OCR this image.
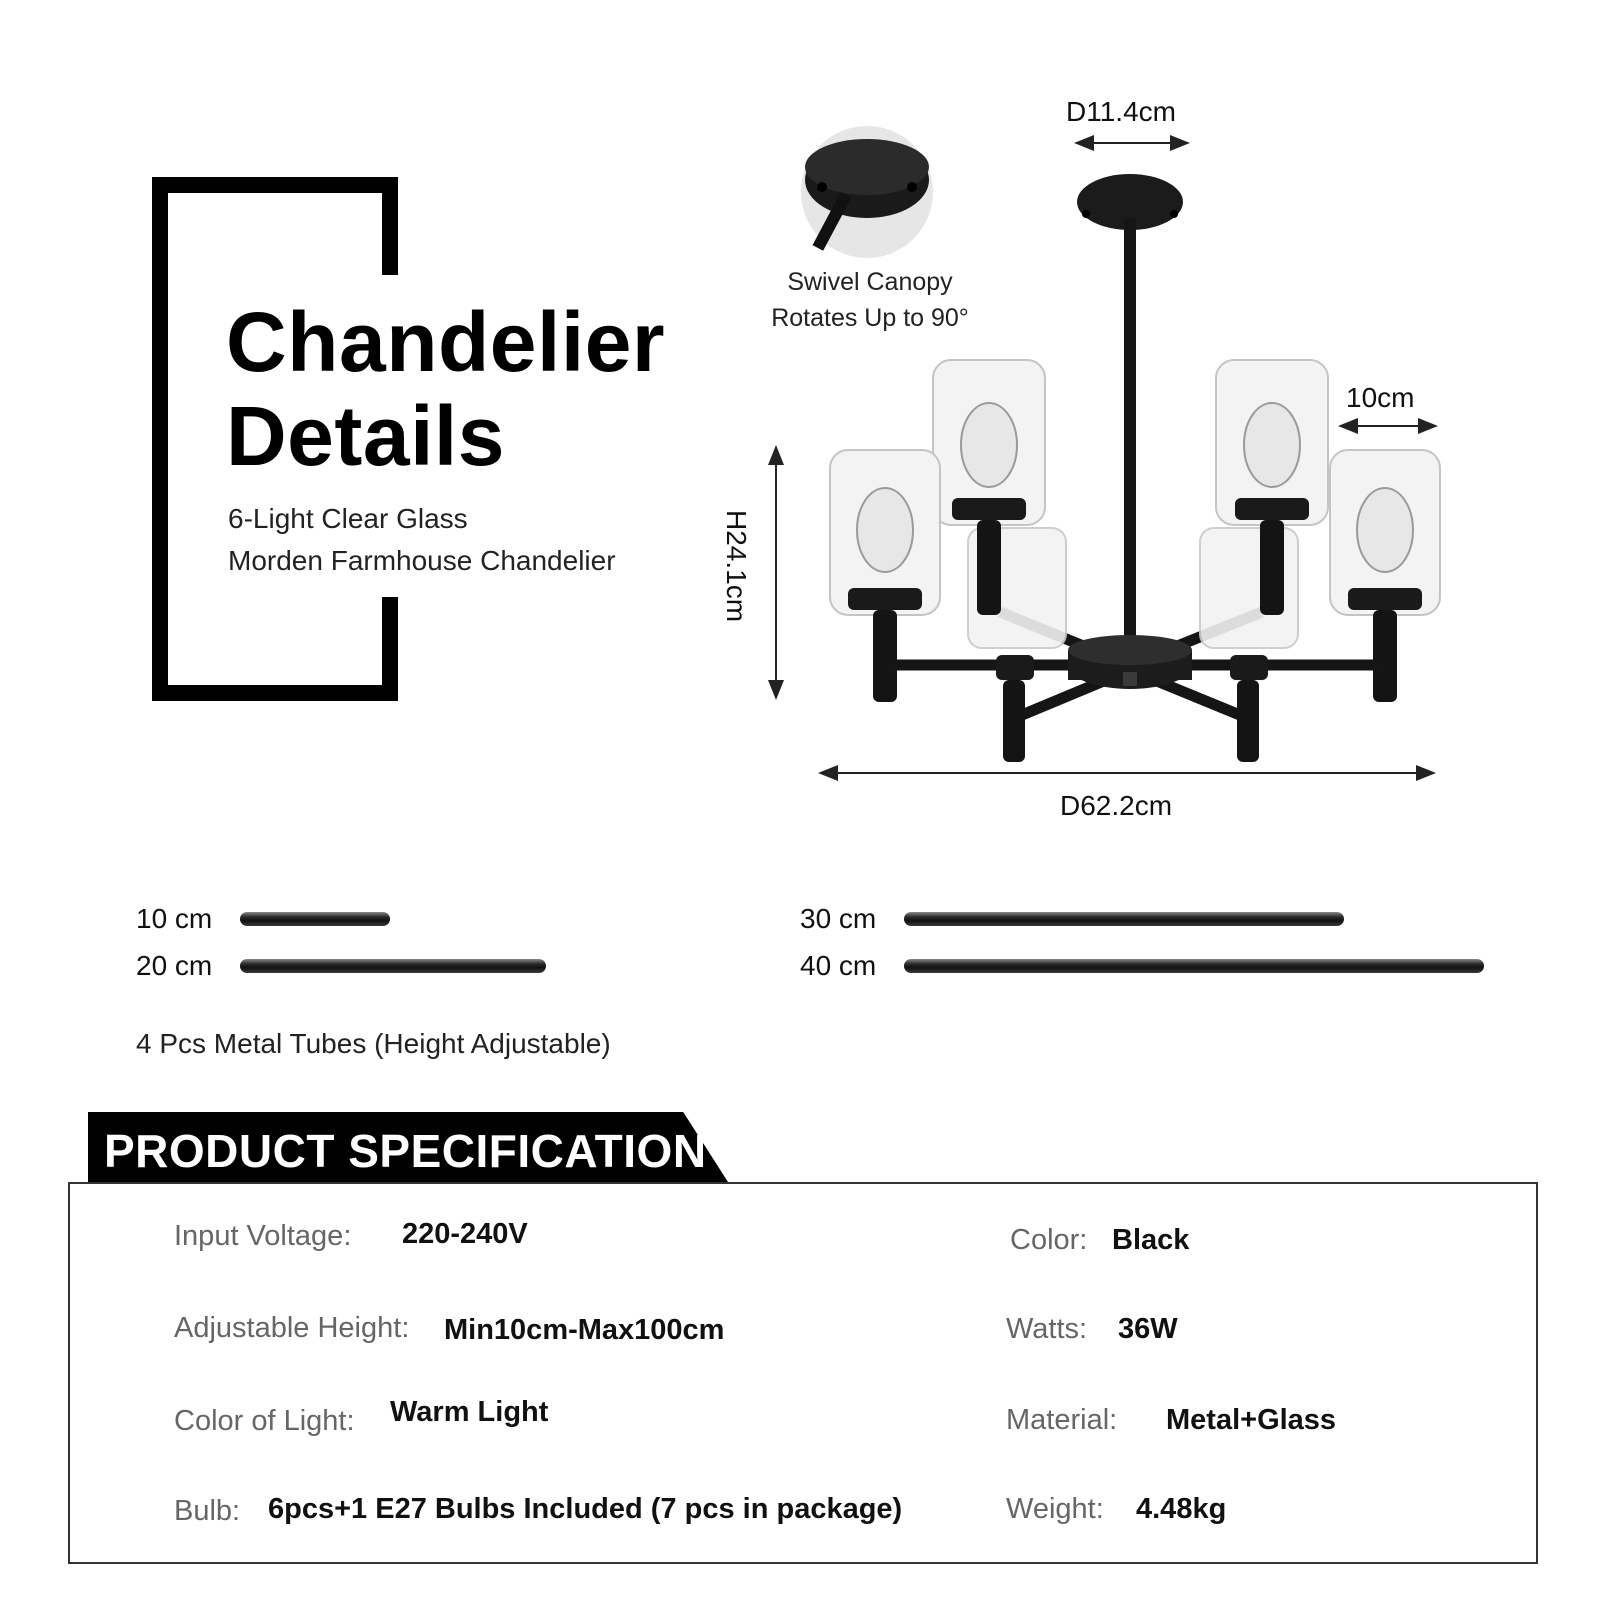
Chandelier
Details
6-Light Clear Glass
Morden Farmhouse Chandelier
Swivel Canopy
Rotates Up to 90°
D11.4cm
H24.1cm
10cm
D62.2cm
10 cm
20 cm
30 cm
40 cm
4 Pcs Metal Tubes (Height Adjustable)
PRODUCT SPECIFICATION
Input Voltage: 220-240V
Adjustable Height: Min10cm-Max100cm
Color of Light: Warm Light
Bulb: 6pcs+1 E27 Bulbs Included (7 pcs in package)
Color: Black
Watts: 36W
Material: Metal+Glass
Weight: 4.48kg
